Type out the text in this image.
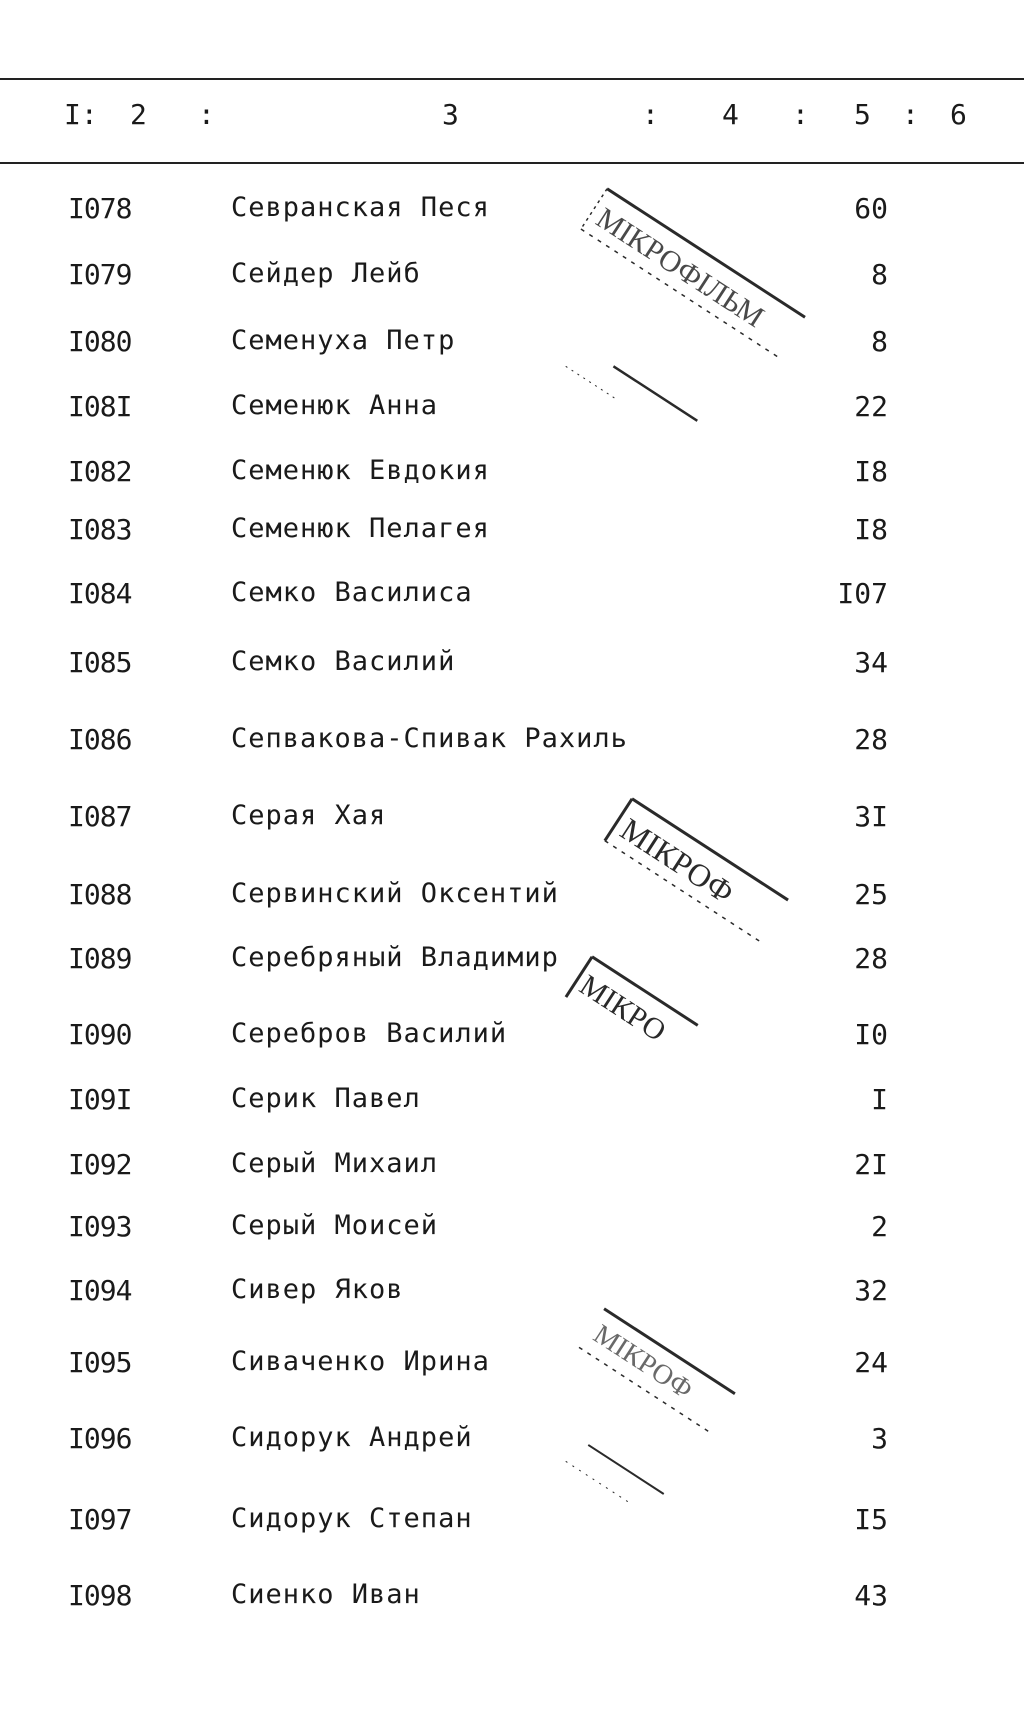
I: 2 :	3	: 4 : 5 : 6
I078	Севранская Песя	60
I079	Сейдер Лейб	8
I080	Семенуха Петр	8
I08I	Семенюк Анна	22
I082	Семенюк Евдокия	I8
I083	Семенюк Пелагея	I8
I084	Семко Василиса	I07
I085	Семко Василий	34
I086	Сепвакова-Спивак Рахиль	28
I087	Серая Хая	3I
I088	Сервинский Оксентий	25
I089	Серебряный Владимир	28
I090	Серебров Василий	I0
I09I	Серик Павел	I
I092	Серый Михаил	2I
I093	Серый Моисей	2
I094	Сивер Яков	32
I095	Сиваченко Ирина	24
I096	Сидорук Андрей	3
I097	Сидорук Степан	I5
I098	Сиенко Иван	43
МІКРОФІЛЬМ
МІКРОФ
МІКРО
МІКРОФ
